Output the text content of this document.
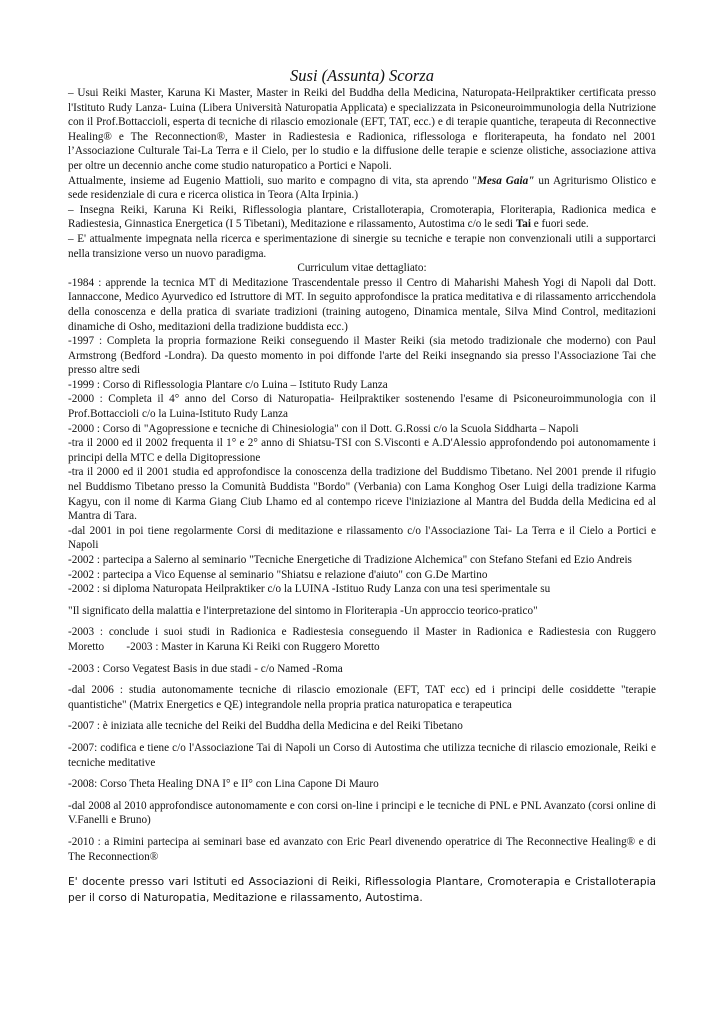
Susi (Assunta) Scorza

– Usui Reiki Master, Karuna Ki Master, Master in Reiki del Buddha della Medicina, Naturopata-Heilpraktiker certificata presso l'Istituto Rudy Lanza- Luina (Libera Università Naturopatia Applicata) e specializzata in Psiconeuroimmunologia della Nutrizione con il Prof.Bottaccioli, esperta di tecniche di rilascio emozionale (EFT, TAT, ecc.) e di terapie quantiche, terapeuta di Reconnective Healing® e The Reconnection®, Master in Radiestesia e Radionica, riflessologa e floriterapeuta, ha fondato nel 2001 l’Associazione Culturale Tai-La Terra e il Cielo, per lo studio e la diffusione delle terapie e scienze olistiche, associazione attiva per oltre un decennio anche come studio naturopatico a Portici e Napoli.

Attualmente, insieme ad Eugenio Mattioli, suo marito e compagno di vita, sta aprendo "Mesa Gaia" un Agriturismo Olistico e sede residenziale di cura e ricerca olistica in Teora (Alta Irpinia.)

– Insegna Reiki, Karuna Ki Reiki, Riflessologia plantare, Cristalloterapia, Cromoterapia, Floriterapia, Radionica medica e Radiestesia, Ginnastica Energetica (I 5 Tibetani), Meditazione e rilassamento, Autostima c/o le sedi Tai e fuori sede.

– E' attualmente impegnata nella ricerca e sperimentazione di sinergie su tecniche e terapie non convenzionali utili a supportarci nella transizione verso un nuovo paradigma.

Curriculum vitae dettagliato:

-1984 : apprende la tecnica MT di Meditazione Trascendentale presso il Centro di Maharishi Mahesh Yogi di Napoli dal Dott. Iannaccone, Medico Ayurvedico ed Istruttore di MT. In seguito approfondisce la pratica meditativa e di rilassamento arricchendola della conoscenza e della pratica di svariate tradizioni (training autogeno, Dinamica mentale, Silva Mind Control, meditazioni dinamiche di Osho, meditazioni della tradizione buddista ecc.)

-1997 : Completa la propria formazione Reiki conseguendo il Master Reiki (sia metodo tradizionale che moderno) con Paul Armstrong (Bedford -Londra). Da questo momento in poi diffonde l'arte del Reiki insegnando sia presso l'Associazione Tai che presso altre sedi

-1999 : Corso di Riflessologia Plantare c/o Luina – Istituto Rudy Lanza

-2000 : Completa il 4° anno del Corso di Naturopatia- Heilpraktiker sostenendo l'esame di Psiconeuroimmunologia con il Prof.Bottaccioli c/o la Luina-Istituto Rudy Lanza

-2000 : Corso di "Agopressione e tecniche di Chinesiologia" con il Dott. G.Rossi c/o la Scuola Siddharta – Napoli

-tra il 2000 ed il 2002 frequenta il 1° e 2° anno di Shiatsu-TSI con S.Visconti e A.D'Alessio approfondendo poi autonomamente i principi della MTC e della Digitopressione

-tra il 2000 ed il 2001 studia ed approfondisce la conoscenza della tradizione del Buddismo Tibetano. Nel 2001 prende il rifugio nel Buddismo Tibetano presso la Comunità Buddista "Bordo" (Verbania) con Lama Konghog Oser Luigi della tradizione Karma Kagyu, con il nome di Karma Giang Ciub Lhamo ed al contempo riceve l'iniziazione al Mantra del Budda della Medicina ed al Mantra di Tara.

-dal 2001 in poi tiene regolarmente Corsi di meditazione e rilassamento c/o l'Associazione Tai- La Terra e il Cielo a Portici e Napoli

-2002 : partecipa a Salerno al seminario "Tecniche Energetiche di Tradizione Alchemica" con Stefano Stefani ed Ezio Andreis

-2002 : partecipa a Vico Equense al seminario "Shiatsu e relazione d'aiuto" con G.De Martino

-2002 : si diploma Naturopata Heilpraktiker c/o la LUINA -Istituo Rudy Lanza con una tesi sperimentale su

"Il significato della malattia e l'interpretazione del sintomo in Floriterapia -Un approccio teorico-pratico"

-2003 : conclude i suoi studi in Radionica e Radiestesia conseguendo il Master in Radionica e Radiestesia con Ruggero Moretto -2003 : Master in Karuna Ki Reiki con Ruggero Moretto

-2003 : Corso Vegatest Basis in due stadi - c/o Named -Roma

-dal 2006 : studia autonomamente tecniche di rilascio emozionale (EFT, TAT ecc) ed i principi delle cosiddette "terapie quantistiche" (Matrix Energetics e QE) integrandole nella propria pratica naturopatica e terapeutica

-2007 : è iniziata alle tecniche del Reiki del Buddha della Medicina e del Reiki Tibetano

-2007: codifica e tiene c/o l'Associazione Tai di Napoli un Corso di Autostima che utilizza tecniche di rilascio emozionale, Reiki e tecniche meditative

-2008: Corso Theta Healing DNA I° e II° con Lina Capone Di Mauro

-dal 2008 al 2010 approfondisce autonomamente e con corsi on-line i principi e le tecniche di PNL e PNL Avanzato (corsi online di V.Fanelli e Bruno)

-2010 : a Rimini partecipa ai seminari base ed avanzato con Eric Pearl divenendo operatrice di The Reconnective Healing® e di The Reconnection®

E' docente presso vari Istituti ed Associazioni di Reiki, Riflessologia Plantare, Cromoterapia e Cristalloterapia per il corso di Naturopatia, Meditazione e rilassamento, Autostima.
